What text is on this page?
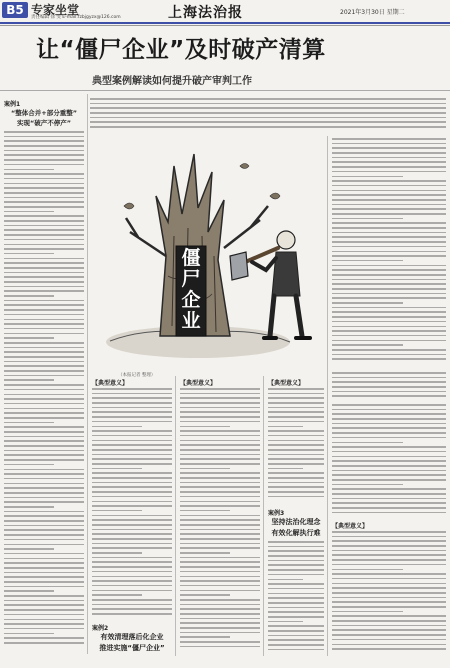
B5 专家坐堂
责任编辑 徐 雯 E-mail:fzbjgyzx@126.com	上海法治报	2021年3月30日 星期二
让“僵尸企业”及时破产清算
典型案例解读如何提升破产审判工作
案例1
“整体合并+部分重整”
实现“破产不停产”
僵尸企业
（本报记者 整理）
【典型意义】
【典型意义】
案例2
有效清理落后化企业
推进实施“僵尸企业”
【典型意义】	【典型意义】
案例3
坚持法治化理念
有效化解执行难
